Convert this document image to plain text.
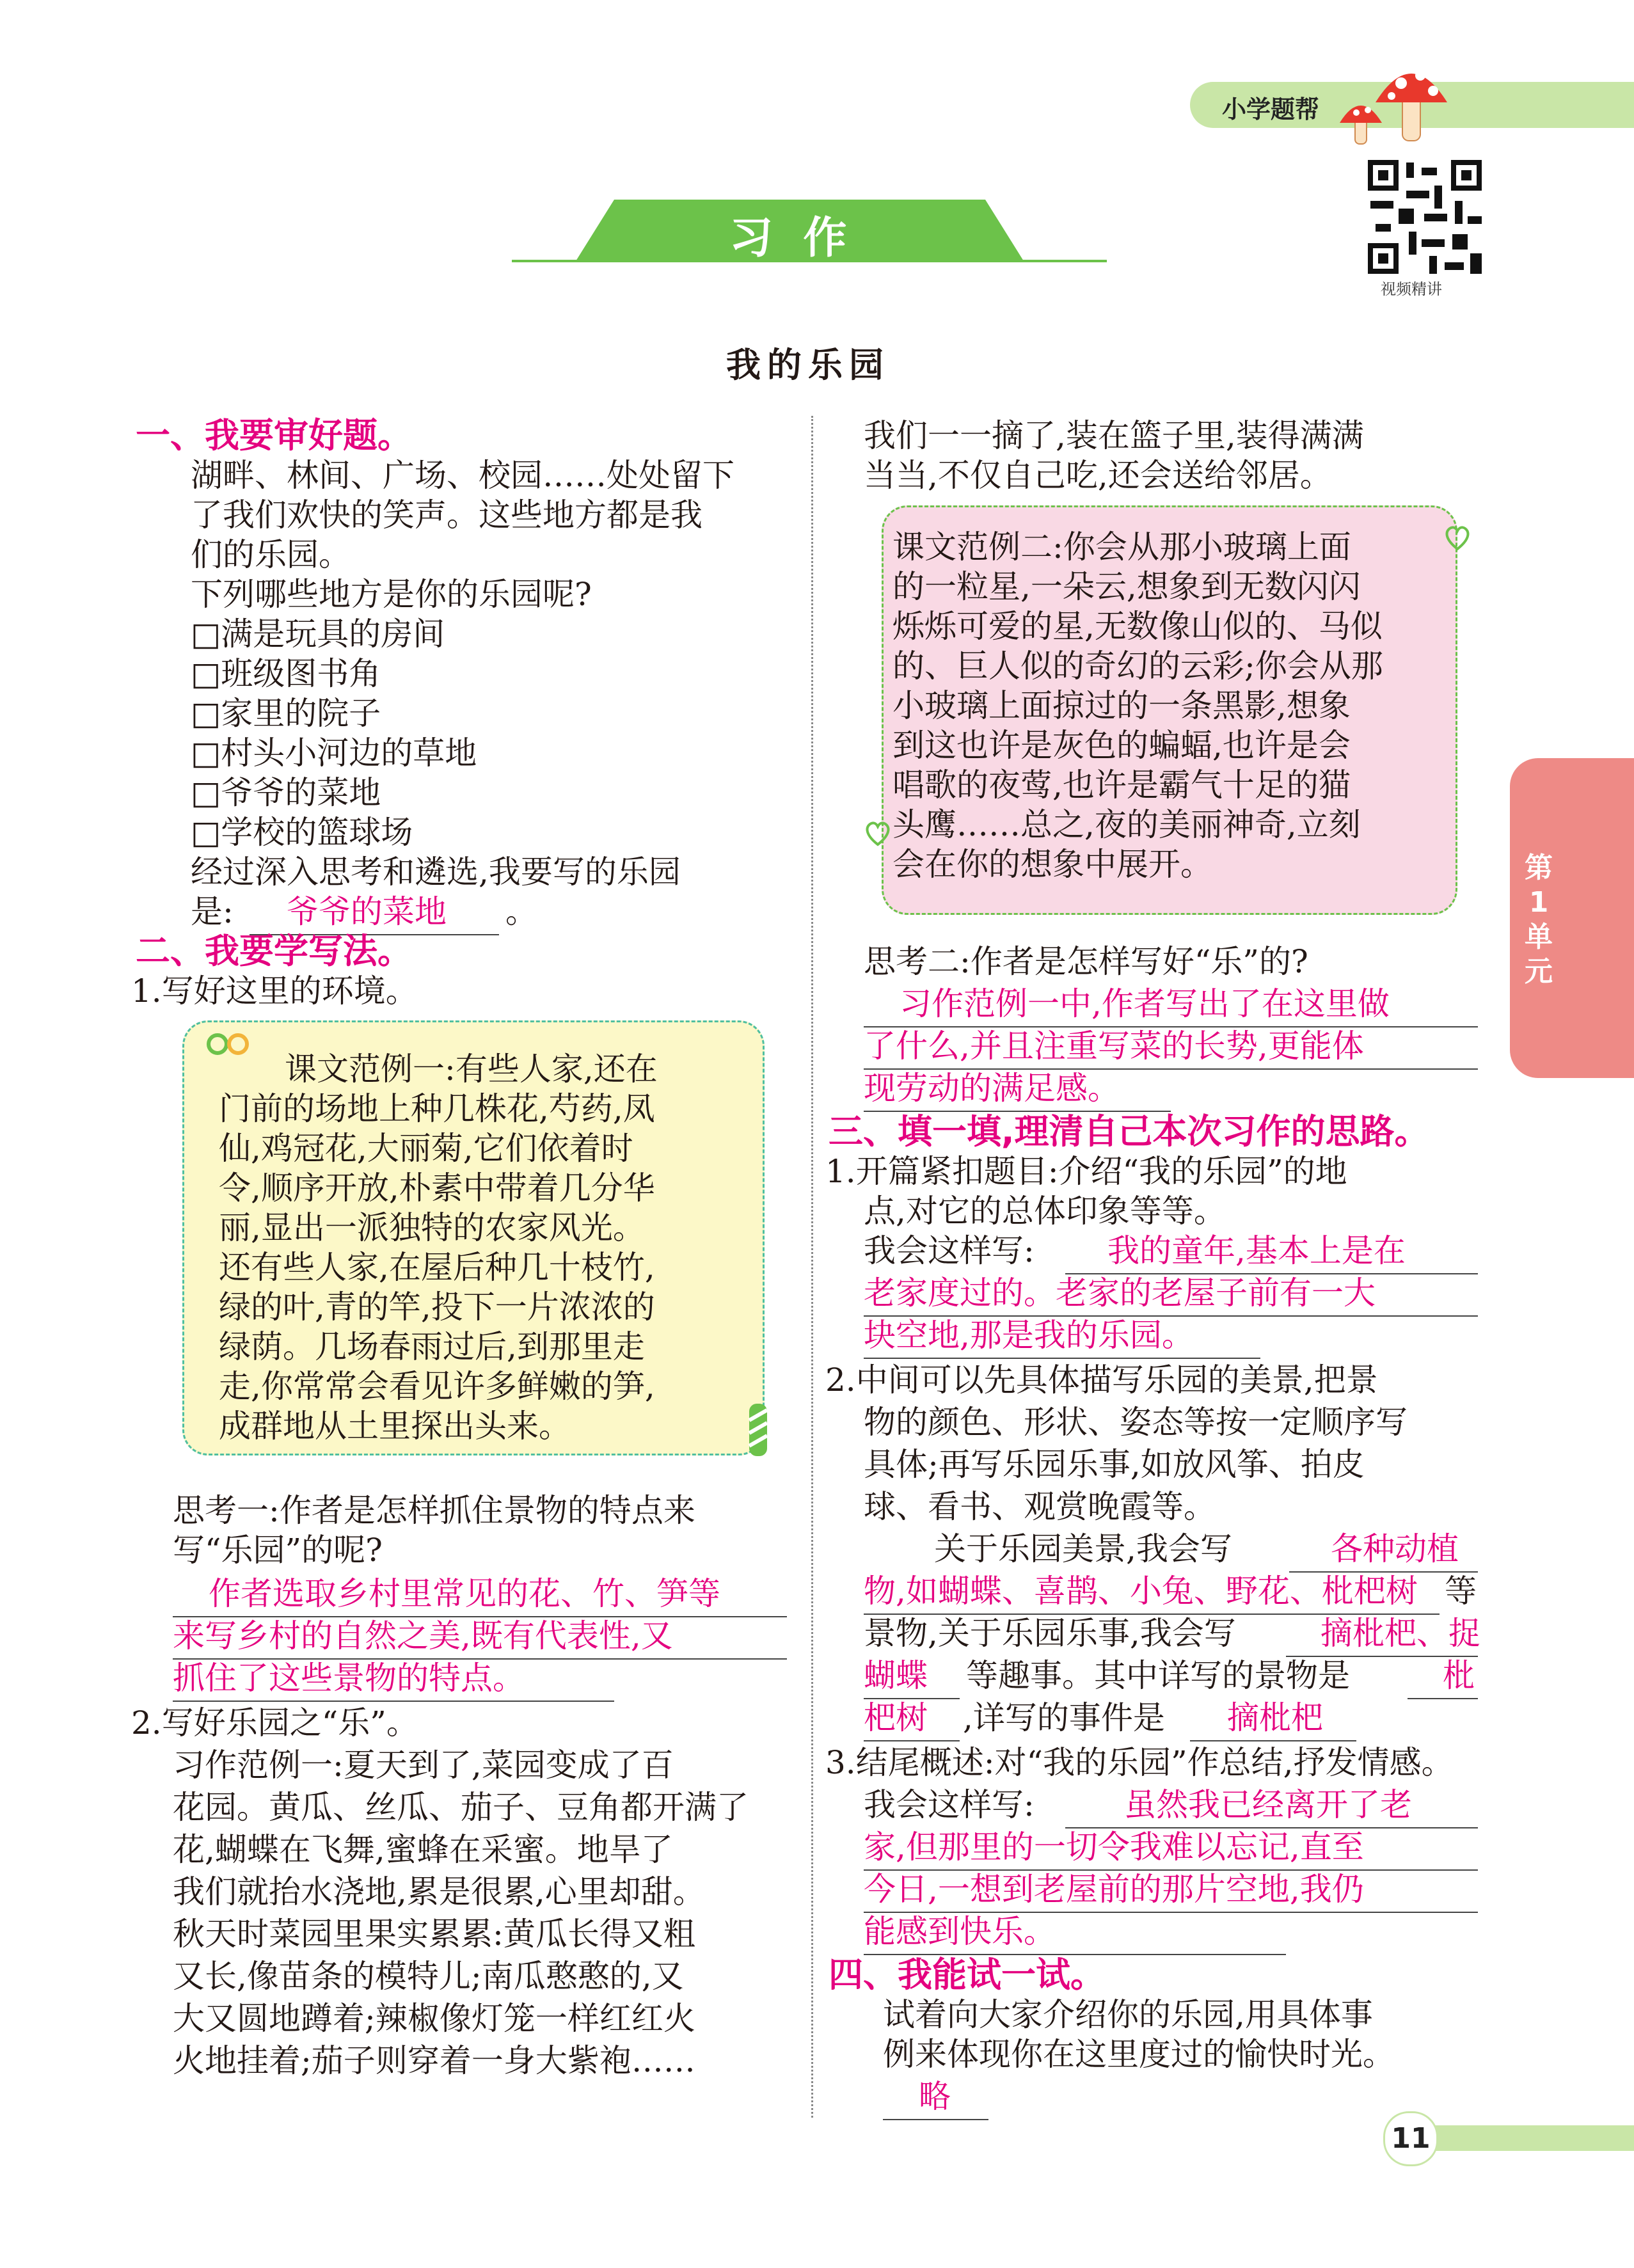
小学题帮
视频精讲
习  作
我的乐园
第
1
单
元
一、我要审好题。
湖畔、林间、广场、校园……处处留下
了我们欢快的笑声。这些地方都是我
们的乐园。
下列哪些地方是你的乐园呢?
□满是玩具的房间
□班级图书角
□家里的院子
□村头小河边的草地
□爷爷的菜地
□学校的篮球场
经过深入思考和遴选,我要写的乐园
是:	爷爷的菜地	。
二、我要学写法。
1.写好这里的环境。
课文范例一:有些人家,还在
门前的场地上种几株花,芍药,凤
仙,鸡冠花,大丽菊,它们依着时
令,顺序开放,朴素中带着几分华
丽,显出一派独特的农家风光。
还有些人家,在屋后种几十枝竹,
绿的叶,青的竿,投下一片浓浓的
绿荫。几场春雨过后,到那里走
走,你常常会看见许多鲜嫩的笋,
成群地从土里探出头来。
思考一:作者是怎样抓住景物的特点来
写“乐园”的呢?
作者选取乡村里常见的花、竹、笋等
来写乡村的自然之美,既有代表性,又
抓住了这些景物的特点。
2.写好乐园之“乐”。
习作范例一:夏天到了,菜园变成了百
花园。黄瓜、丝瓜、茄子、豆角都开满了
花,蝴蝶在飞舞,蜜蜂在采蜜。地旱了
我们就抬水浇地,累是很累,心里却甜。
秋天时菜园里果实累累:黄瓜长得又粗
又长,像苗条的模特儿;南瓜憨憨的,又
大又圆地蹲着;辣椒像灯笼一样红红火
火地挂着;茄子则穿着一身大紫袍……
我们一一摘了,装在篮子里,装得满满
当当,不仅自己吃,还会送给邻居。
课文范例二:你会从那小玻璃上面
的一粒星,一朵云,想象到无数闪闪
烁烁可爱的星,无数像山似的、马似
的、巨人似的奇幻的云彩;你会从那
小玻璃上面掠过的一条黑影,想象
到这也许是灰色的蝙蝠,也许是会
唱歌的夜莺,也许是霸气十足的猫
头鹰……总之,夜的美丽神奇,立刻
会在你的想象中展开。
思考二:作者是怎样写好“乐”的?
习作范例一中,作者写出了在这里做
了什么,并且注重写菜的长势,更能体
现劳动的满足感。
三、填一填,理清自己本次习作的思路。
1.开篇紧扣题目:介绍“我的乐园”的地
点,对它的总体印象等等。
我会这样写:	我的童年,基本上是在
老家度过的。老家的老屋子前有一大
块空地,那是我的乐园。
2.中间可以先具体描写乐园的美景,把景
物的颜色、形状、姿态等按一定顺序写
具体;再写乐园乐事,如放风筝、拍皮
球、看书、观赏晚霞等。
关于乐园美景,我会写	各种动植
物,如蝴蝶、喜鹊、小兔、野花、枇杷树 等
景物,关于乐园乐事,我会写	摘枇杷、捉
蝴蝶	等趣事。其中详写的景物是	枇
杷树	,详写的事件是	摘枇杷
3.结尾概述:对“我的乐园”作总结,抒发情感。
我会这样写:	虽然我已经离开了老
家,但那里的一切令我难以忘记,直至
今日,一想到老屋前的那片空地,我仍
能感到快乐。
四、我能试一试。
试着向大家介绍你的乐园,用具体事
例来体现你在这里度过的愉快时光。
略
11
